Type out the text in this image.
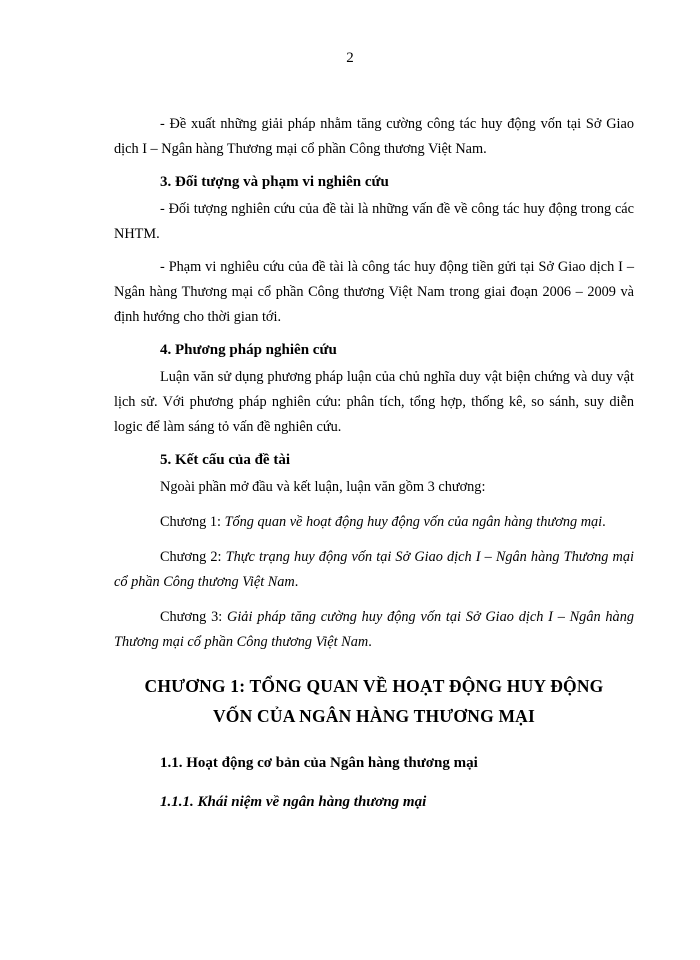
2

- Đề xuất những giải pháp nhằm tăng cường công tác huy động vốn tại Sở Giao dịch I – Ngân hàng Thương mại cổ phần Công thương Việt Nam.

3. Đối tượng và phạm vi nghiên cứu

- Đối tượng nghiên cứu của đề tài là những vấn đề về công tác huy động trong các NHTM.

- Phạm vi nghiêu cứu của đề tài là công tác huy động tiền gửi tại Sở Giao dịch I – Ngân hàng Thương mại cổ phần Công thương Việt Nam trong giai đoạn 2006 – 2009 và định hướng cho thời gian tới.

4. Phương pháp nghiên cứu

Luận văn sử dụng phương pháp luận của chủ nghĩa duy vật biện chứng và duy vật lịch sử. Với phương pháp nghiên cứu: phân tích, tổng hợp, thống kê, so sánh, suy diễn logic để làm sáng tỏ vấn đề nghiên cứu.

5. Kết cấu của đề tài

Ngoài phần mở đầu và kết luận, luận văn gồm 3 chương:

Chương 1: Tổng quan về hoạt động huy động vốn của ngân hàng thương mại.

Chương 2: Thực trạng huy động vốn tại Sở Giao dịch I – Ngân hàng Thương mại cổ phần Công thương Việt Nam.

Chương 3: Giải pháp tăng cường huy động vốn tại Sở Giao dịch I – Ngân hàng Thương mại cổ phần Công thương Việt Nam.

CHƯƠNG 1: TỔNG QUAN VỀ HOẠT ĐỘNG HUY ĐỘNG
VỐN CỦA NGÂN HÀNG THƯƠNG MẠI
1.1. Hoạt động cơ bản của Ngân hàng thương mại
1.1.1. Khái niệm về ngân hàng thương mại
